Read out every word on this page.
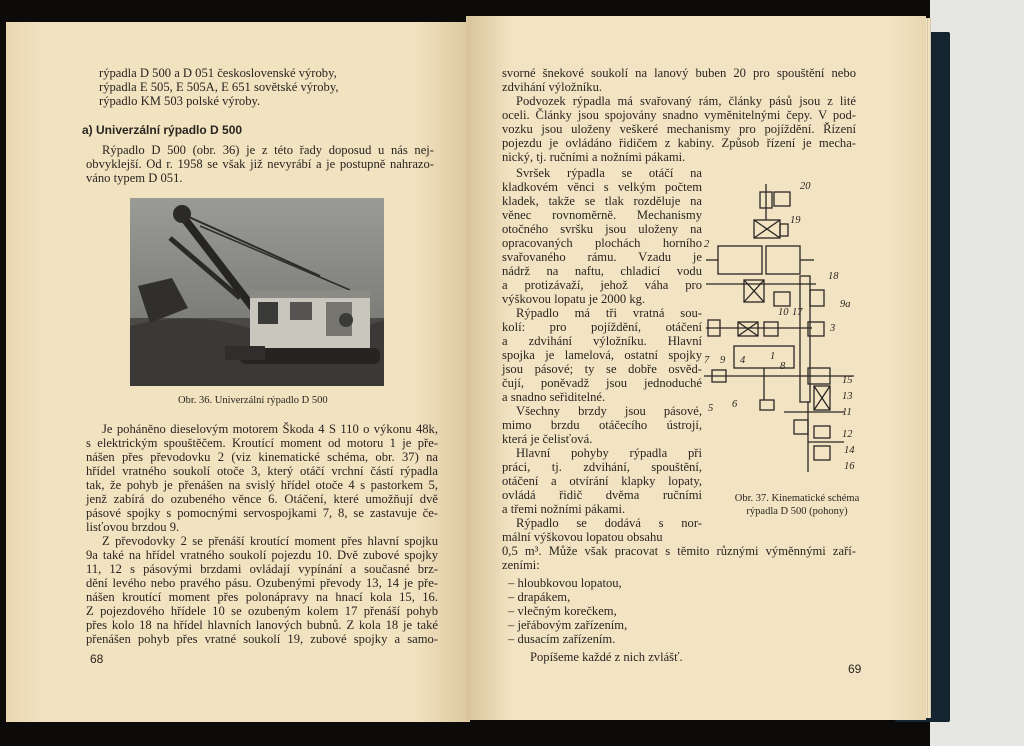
rýpadla D 500 a D 051 československé výroby,
rýpadla E 505, E 505A, E 651 sovětské výroby,
rýpadlo KM 503 polské výroby.
a) Univerzální rýpadlo D 500
Rýpadlo D 500 (obr. 36) je z této řady doposud u nás nej-
obvyklejší. Od r. 1958 se však již nevyrábí a je postupně nahrazo-
váno typem D 051.
Obr. 36. Univerzální rýpadlo D 500
Je poháněno dieselovým motorem Škoda 4 S 110 o výkonu 48k,
s elektrickým spouštěčem. Kroutící moment od motoru 1 je pře-
nášen přes převodovku 2 (viz kinematické schéma, obr. 37) na
hřídel vratného soukolí otoče 3, který otáčí vrchní částí rýpadla
tak, že pohyb je přenášen na svislý hřídel otoče 4 s pastorkem 5,
jenž zabírá do ozubeného věnce 6. Otáčení, které umožňují dvě
pásové spojky s pomocnými servospojkami 7, 8, se zastavuje če-
lisťovou brzdou 9.
Z převodovky 2 se přenáší kroutící moment přes hlavní spojku
9a také na hřídel vratného soukolí pojezdu 10. Dvě zubové spojky
11, 12 s pásovými brzdami ovládají vypínání a současné brz-
dění levého nebo pravého pásu. Ozubenými převody 13, 14 je pře-
nášen kroutící moment přes polonápravy na hnací kola 15, 16.
Z pojezdového hřídele 10 se ozubeným kolem 17 přenáší pohyb
přes kolo 18 na hřídel hlavních lanových bubnů. Z kola 18 je také
přenášen pohyb přes vratné soukolí 19, zubové spojky a samo-
68
svorné šnekové soukolí na lanový buben 20 pro spouštění nebo
zdvihání výložníku.
Podvozek rýpadla má svařovaný rám, články pásů jsou z lité
oceli. Články jsou spojovány snadno vyměnitelnými čepy. V pod-
vozku jsou uloženy veškeré mechanismy pro pojíždění. Řízení
pojezdu je ovládáno řidičem z kabiny. Způsob řízení je mecha-
nický, tj. ručními a nožními pákami.
Svršek rýpadla se otáčí na
kladkovém věnci s velkým počtem
kladek, takže se tlak rozděluje na
věnec rovnoměrně. Mechanismy
otočného svršku jsou uloženy na
opracovaných plochách horního
svařovaného rámu. Vzadu je
nádrž na naftu, chladicí vodu
a protizávaží, jehož váha pro
výškovou lopatu je 2000 kg.
Rýpadlo má tři vratná sou-
kolí: pro pojíždění, otáčení
a zdvihání výložníku. Hlavní
spojka je lamelová, ostatní spojky
jsou pásové; ty se dobře osvěd-
čují, poněvadž jsou jednoduché
a snadno seřiditelné.
Všechny brzdy jsou pásové,
mimo brzdu otáčecího ústrojí,
která je čelisťová.
Hlavní pohyby rýpadla při
práci, tj. zdvihání, spouštění,
otáčení a otvírání klapky lopaty,
ovládá řidič dvěma ručními
a třemi nožními pákami.
Rýpadlo se dodává s nor-
mální výškovou lopatou obsahu
0,5 m³. Může však pracovat s těmito různými výměnnými zaří-
zeními:
– hloubkovou lopatou,
– drapákem,
– vlečným korečkem,
– jeřábovým zařízením,
– dusacím zařízením.
Popíšeme každé z nich zvlášť.
20
19
2
18
9a
10 17
3
7 9 4
8
1
5 6
15
13
11
12
14
16
Obr. 37. Kinematické schéma
rýpadla D 500 (pohony)
69
